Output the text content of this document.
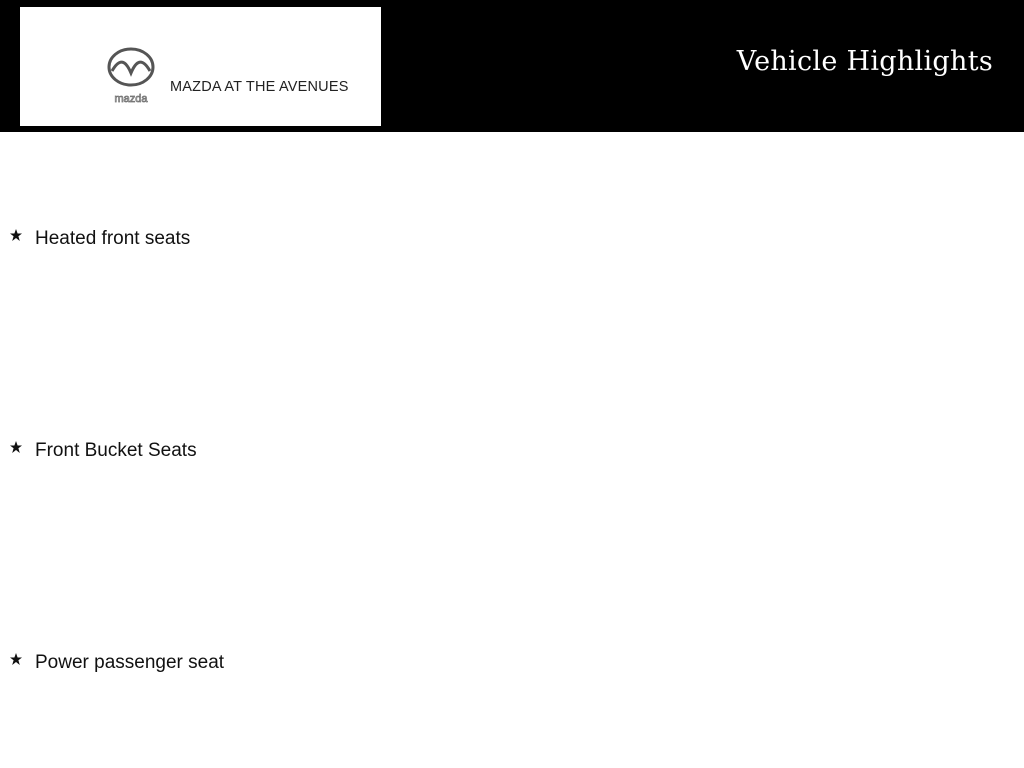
mazda
MAZDA AT THE AVENUES
Vehicle Highlights
Heated front seats
Front Bucket Seats
Power passenger seat
